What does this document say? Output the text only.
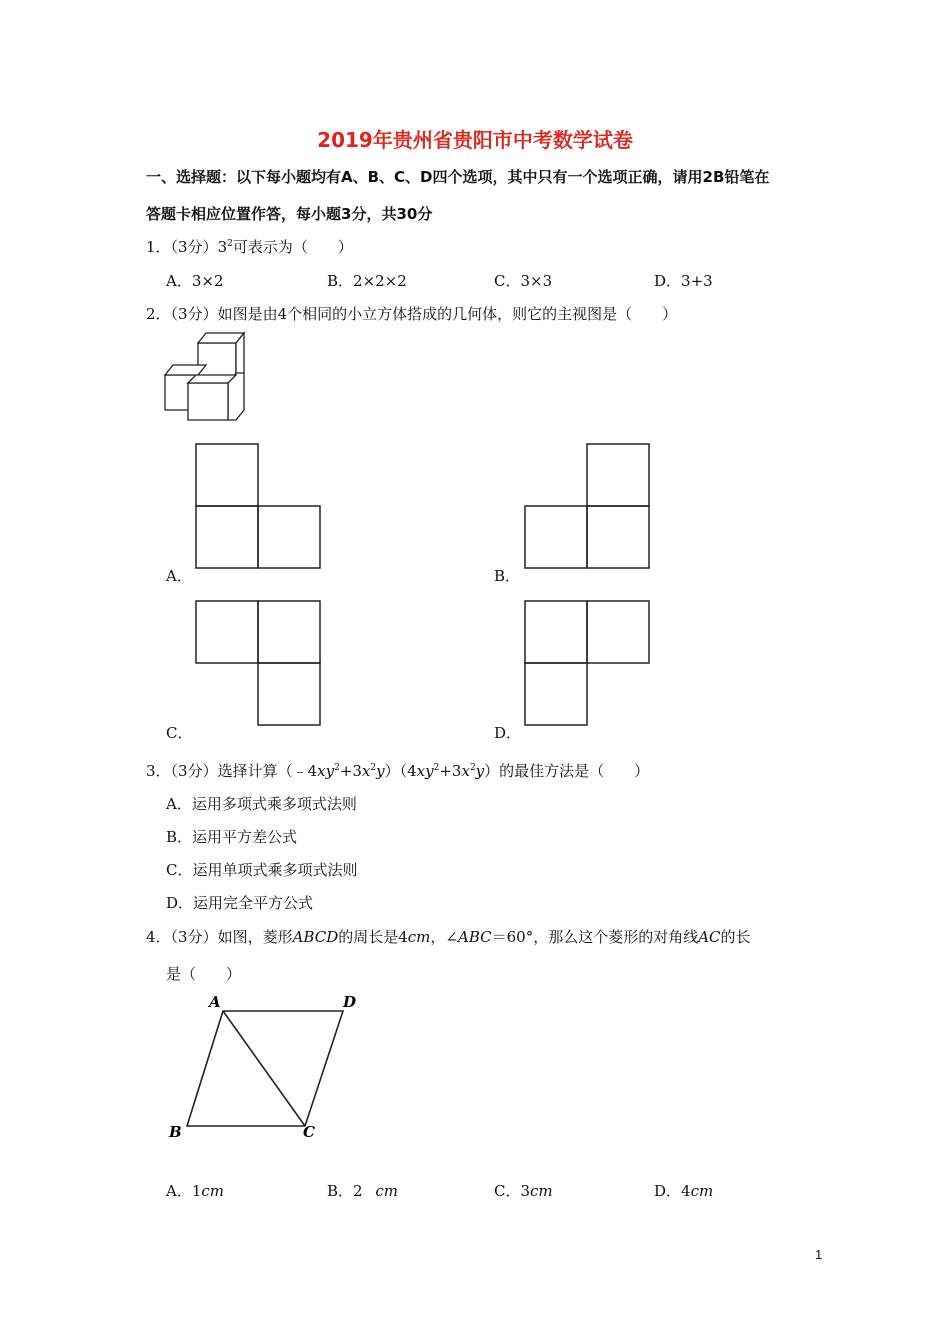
2019年贵州省贵阳市中考数学试卷
一、选择题：以下每小题均有A、B、C、D四个选项，其中只有一个选项正确，请用2B铅笔在
答题卡相应位置作答，每小题3分，共30分
1．（3分）$3^2$可表示为（　　）
A．3×2	B．2×2×2	C．3×3	D．3+3
2．（3分）如图是由4个相同的小立方体搭成的几何体，则它的主视图是（　　）
A．	B．
C．	D．
3．（3分）选择计算$(﹣4xy^2+3x^2y)(4xy^2+3x^2y)$的最佳方法是（　　）
A．运用多项式乘多项式法则
B．运用平方差公式
C．运用单项式乘多项式法则
D．运用完全平方公式
4．（3分）如图，菱形ABCD的周长是4cm，∠ABC＝60°，那么这个菱形的对角线AC的长
是（　　）
A	D
B	C
A．1cm	B．2 cm	C．3cm	D．4cm
1
